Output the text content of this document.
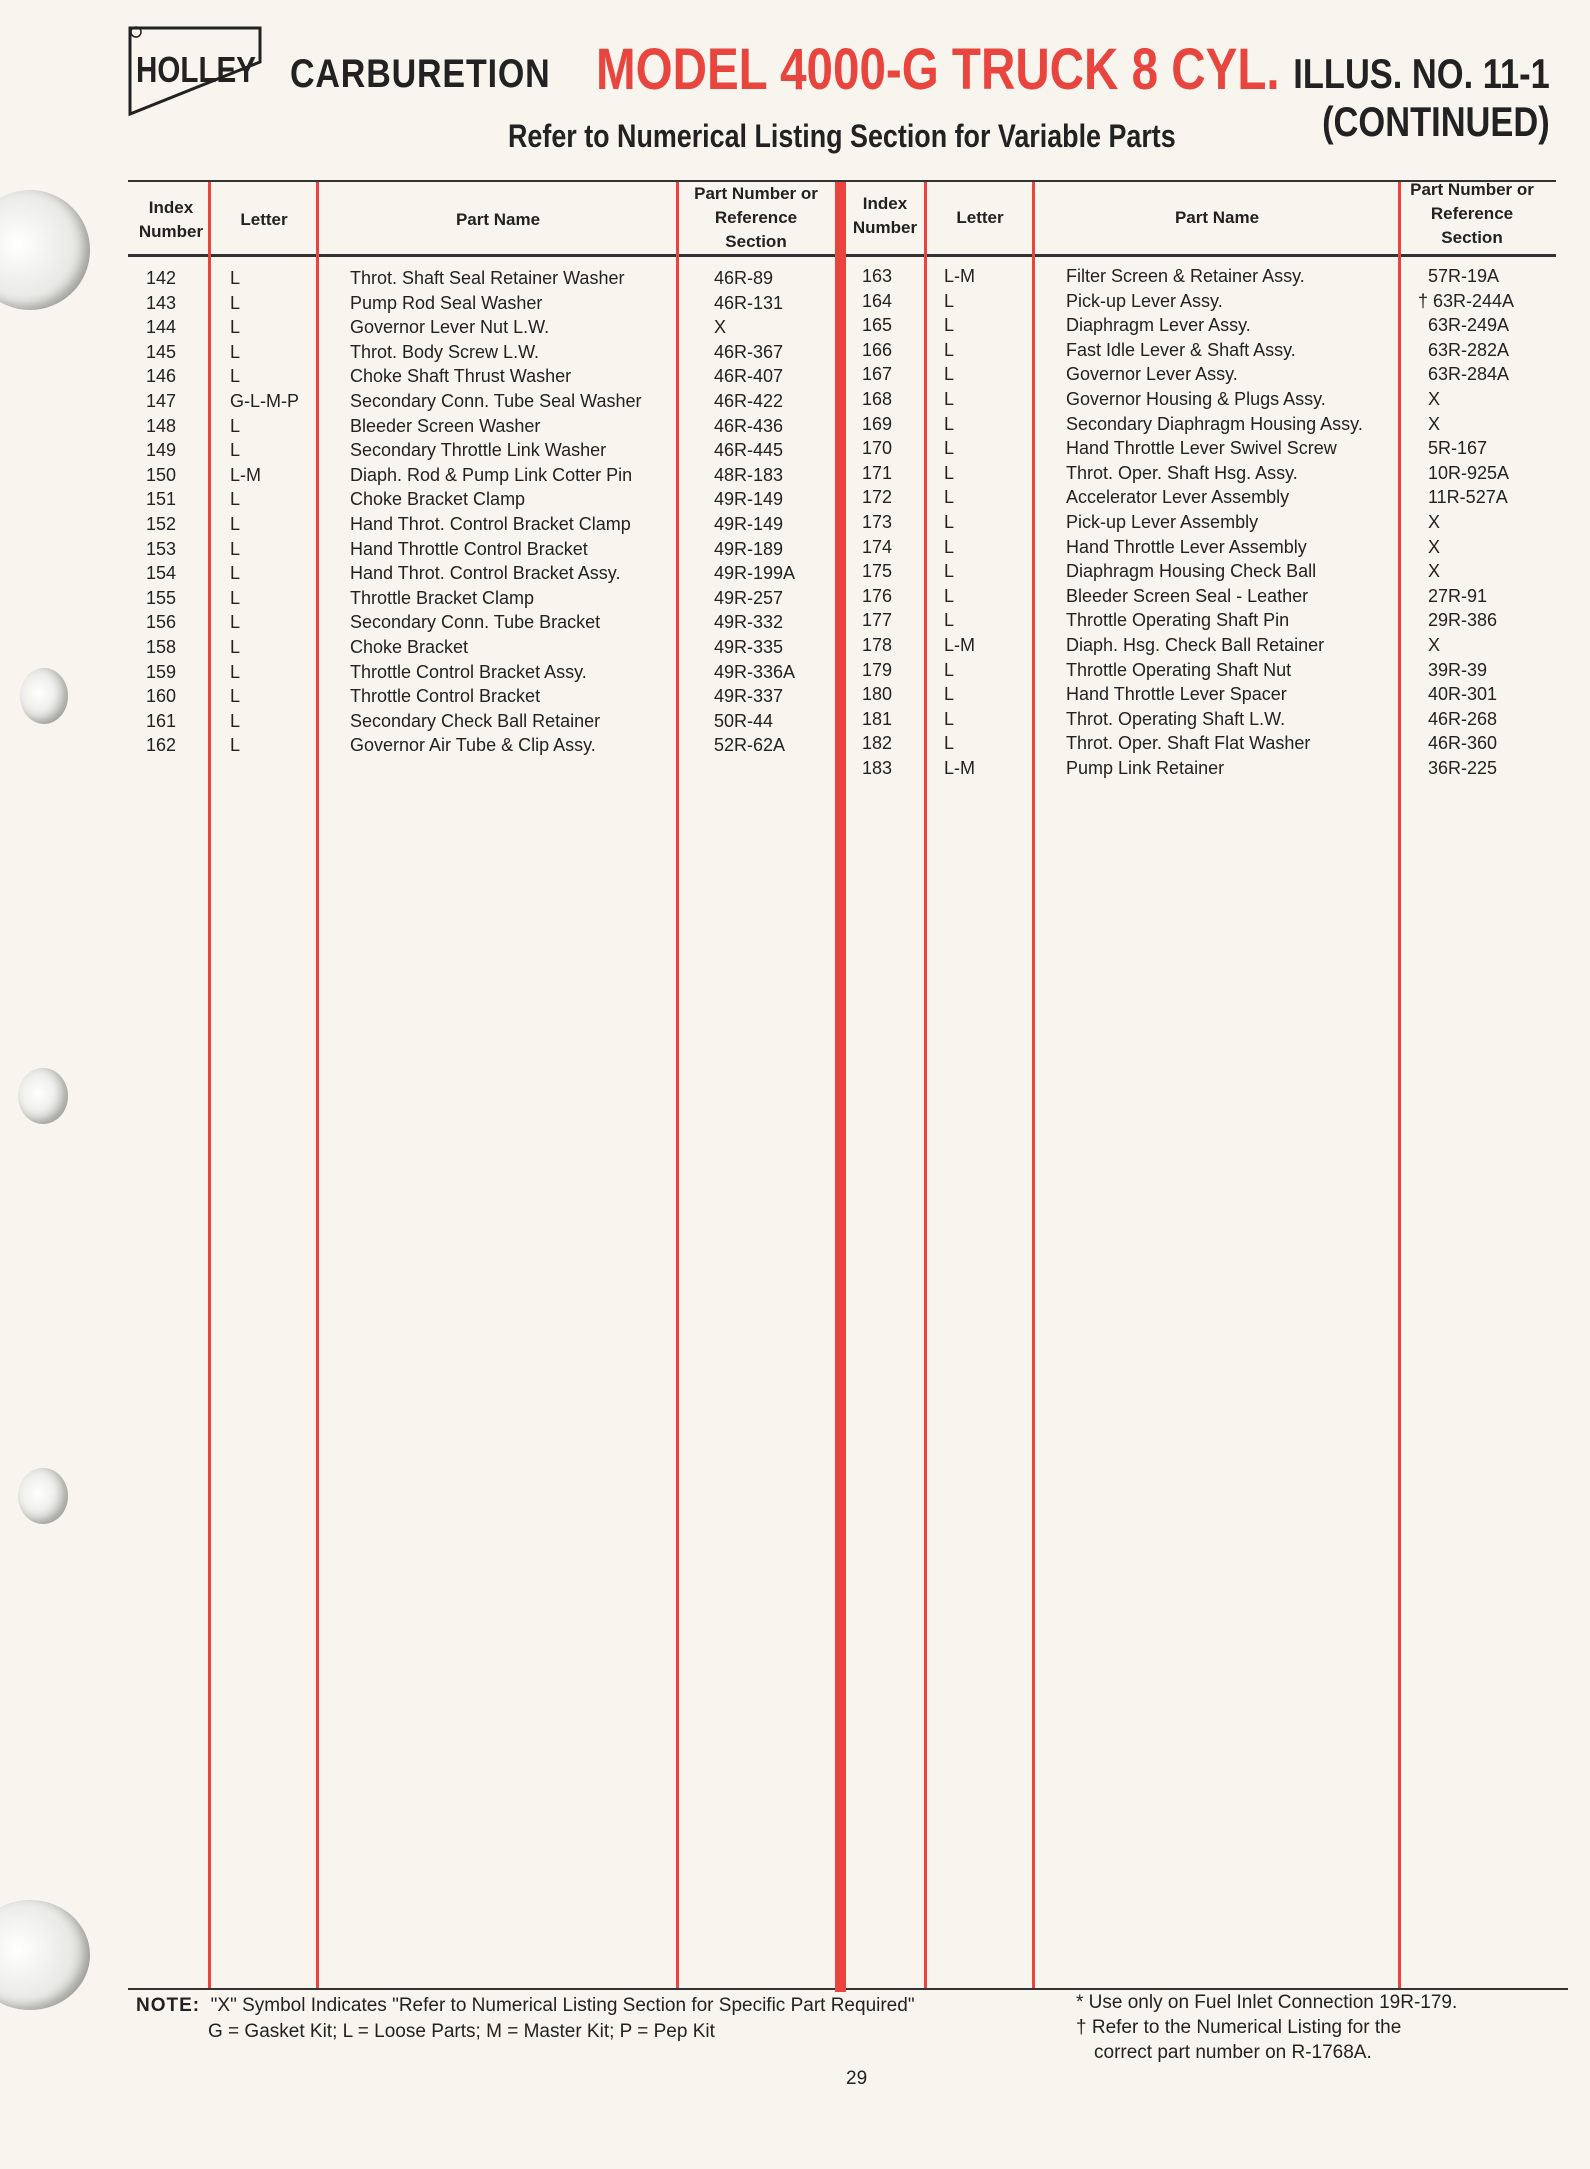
HOLLEY CARBURETION MODEL 4000-G TRUCK 8 CYL. ILLUS. NO. 11-1
(CONTINUED)
Refer to Numerical Listing Section for Variable Parts
Index Number
Letter	Part Name
Part Number or Reference Section
Index Number
Letter	Part Name
Part Number or Reference Section
142	L	Throt. Shaft Seal Retainer Washer	46R-89
143	L	Pump Rod Seal Washer	46R-131
144	L	Governor Lever Nut L.W.	X
145	L	Throt. Body Screw L.W.	46R-367
146	L	Choke Shaft Thrust Washer	46R-407
147	G-L-M-P	Secondary Conn. Tube Seal Washer	46R-422
148	L	Bleeder Screen Washer	46R-436
149	L	Secondary Throttle Link Washer	46R-445
150	L-M	Diaph. Rod & Pump Link Cotter Pin	48R-183
151	L	Choke Bracket Clamp	49R-149
152	L	Hand Throt. Control Bracket Clamp	49R-149
153	L	Hand Throttle Control Bracket	49R-189
154	L	Hand Throt. Control Bracket Assy.	49R-199A
155	L	Throttle Bracket Clamp	49R-257
156	L	Secondary Conn. Tube Bracket	49R-332
158	L	Choke Bracket	49R-335
159	L	Throttle Control Bracket Assy.	49R-336A
160	L	Throttle Control Bracket	49R-337
161	L	Secondary Check Ball Retainer	50R-44
162	L	Governor Air Tube & Clip Assy.	52R-62A
163	L-M	Filter Screen & Retainer Assy.	57R-19A
164	L	Pick-up Lever Assy.	† 63R-244A
165	L	Diaphragm Lever Assy.	63R-249A
166	L	Fast Idle Lever & Shaft Assy.	63R-282A
167	L	Governor Lever Assy.	63R-284A
168	L	Governor Housing & Plugs Assy.	X
169	L	Secondary Diaphragm Housing Assy.	X
170	L	Hand Throttle Lever Swivel Screw	5R-167
171	L	Throt. Oper. Shaft Hsg. Assy.	10R-925A
172	L	Accelerator Lever Assembly	11R-527A
173	L	Pick-up Lever Assembly	X
174	L	Hand Throttle Lever Assembly	X
175	L	Diaphragm Housing Check Ball	X
176	L	Bleeder Screen Seal - Leather	27R-91
177	L	Throttle Operating Shaft Pin	29R-386
178	L-M	Diaph. Hsg. Check Ball Retainer	X
179	L	Throttle Operating Shaft Nut	39R-39
180	L	Hand Throttle Lever Spacer	40R-301
181	L	Throt. Operating Shaft L.W.	46R-268
182	L	Throt. Oper. Shaft Flat Washer	46R-360
183	L-M	Pump Link Retainer	36R-225
NOTE: "X" Symbol Indicates "Refer to Numerical Listing Section for Specific Part Required"
G = Gasket Kit; L = Loose Parts; M = Master Kit; P = Pep Kit
* Use only on Fuel Inlet Connection 19R-179.
† Refer to the Numerical Listing for the
correct part number on R-1768A.
29
